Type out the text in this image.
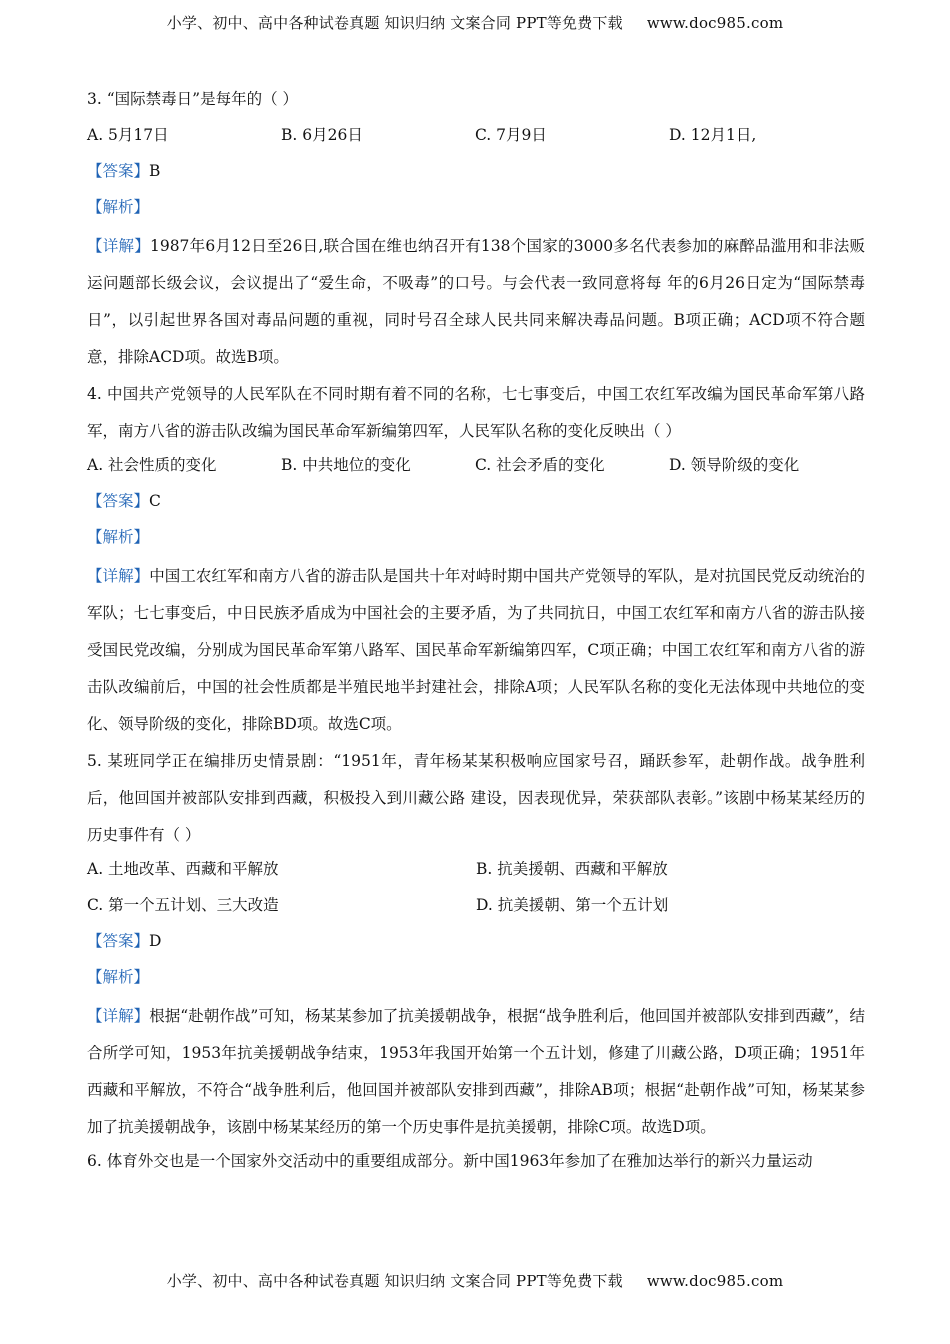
小学、初中、高中各种试卷真题 知识归纳 文案合同 PPT等免费下载 www.doc985.com
3. “国际禁毒日”是每年的（ ）
A. 5月17日	B. 6月26日	C. 7月9日	D. 12月1日,
【答案】B
【解析】

【详解】1987年6月12日至26日,联合国在维也纳召开有138个国家的3000多名代表参加的麻醉品滥用和非法贩运问题部长级会议，会议提出了“爱生命，不吸毒”的口号。与会代表一致同意将每 年的6月26日定为“国际禁毒日”，以引起世界各国对毒品问题的重视，同时号召全球人民共同来解决毒品问题。B项正确；ACD项不符合题意，排除ACD项。故选B项。

4. 中国共产党领导的人民军队在不同时期有着不同的名称，七七事变后，中国工农红军改编为国民革命军第八路军，南方八省的游击队改编为国民革命军新编第四军，人民军队名称的变化反映出（ ）

A. 社会性质的变化	B. 中共地位的变化	C. 社会矛盾的变化	D. 领导阶级的变化
【答案】C
【解析】

【详解】中国工农红军和南方八省的游击队是国共十年对峙时期中国共产党领导的军队，是对抗国民党反动统治的军队；七七事变后，中日民族矛盾成为中国社会的主要矛盾，为了共同抗日，中国工农红军和南方八省的游击队接受国民党改编，分别成为国民革命军第八路军、国民革命军新编第四军，C项正确；中国工农红军和南方八省的游击队改编前后，中国的社会性质都是半殖民地半封建社会，排除A项；人民军队名称的变化无法体现中共地位的变化、领导阶级的变化，排除BD项。故选C项。

5. 某班同学正在编排历史情景剧：“1951年，青年杨某某积极响应国家号召，踊跃参军，赴朝作战。战争胜利后，他回国并被部队安排到西藏，积极投入到川藏公路 建设，因表现优异，荣获部队表彰。”该剧中杨某某经历的历史事件有（ ）

A. 土地改革、西藏和平解放	B. 抗美援朝、西藏和平解放
C. 第一个五计划、三大改造	D. 抗美援朝、第一个五计划
【答案】D
【解析】

【详解】根据“赴朝作战”可知，杨某某参加了抗美援朝战争，根据“战争胜利后，他回国并被部队安排到西藏”，结合所学可知，1953年抗美援朝战争结束，1953年我国开始第一个五计划，修建了川藏公路，D项正确；1951年西藏和平解放，不符合“战争胜利后，他回国并被部队安排到西藏”，排除AB项；根据“赴朝作战”可知，杨某某参加了抗美援朝战争，该剧中杨某某经历的第一个历史事件是抗美援朝，排除C项。故选D项。

6. 体育外交也是一个国家外交活动中的重要组成部分。新中国1963年参加了在雅加达举行的新兴力量运动
小学、初中、高中各种试卷真题 知识归纳 文案合同 PPT等免费下载 www.doc985.com
